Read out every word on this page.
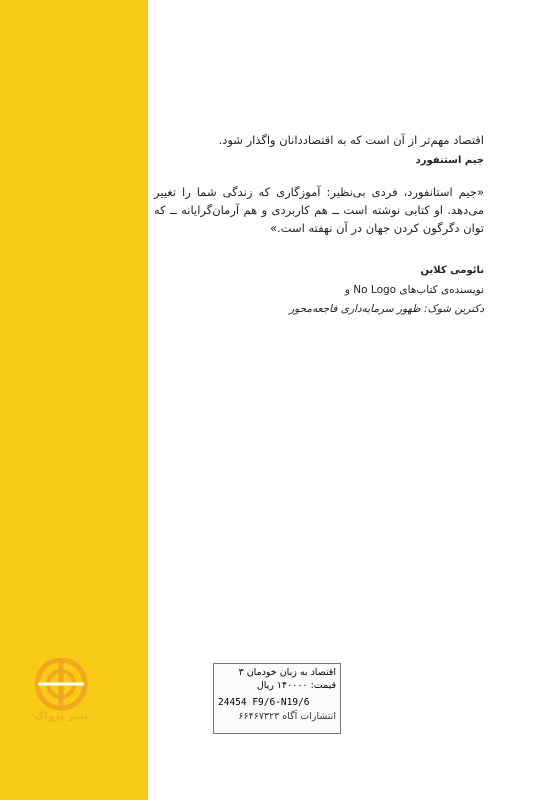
اقتصاد مهم‌تر از آن است که به اقتصاددانان واگذار شود.
جیم استنفورد
«جیم استانفورد، فردی بی‌نظیر: آموزگاری که زندگی شما را تغییر می‌دهد. او کتابی نوشته است ــ هم کاربردی و هم آرمان‌گرایانه ــ که توان دگرگون کردن جهان در آن نهفته است.»
نائومی کلاین
نویسنده‌ی کتاب‌های No Logo و
دکترین شوک: ظهور سرمایه‌داری فاجعه‌محور
نشر پژواک
اقتصاد به زبان خودمان ۳
قیمت: ۱۴۰۰۰۰ ریال
24454 F9/6-N19/6
انتشارات آگاه ۶۶۴۶۷۳۲۳
